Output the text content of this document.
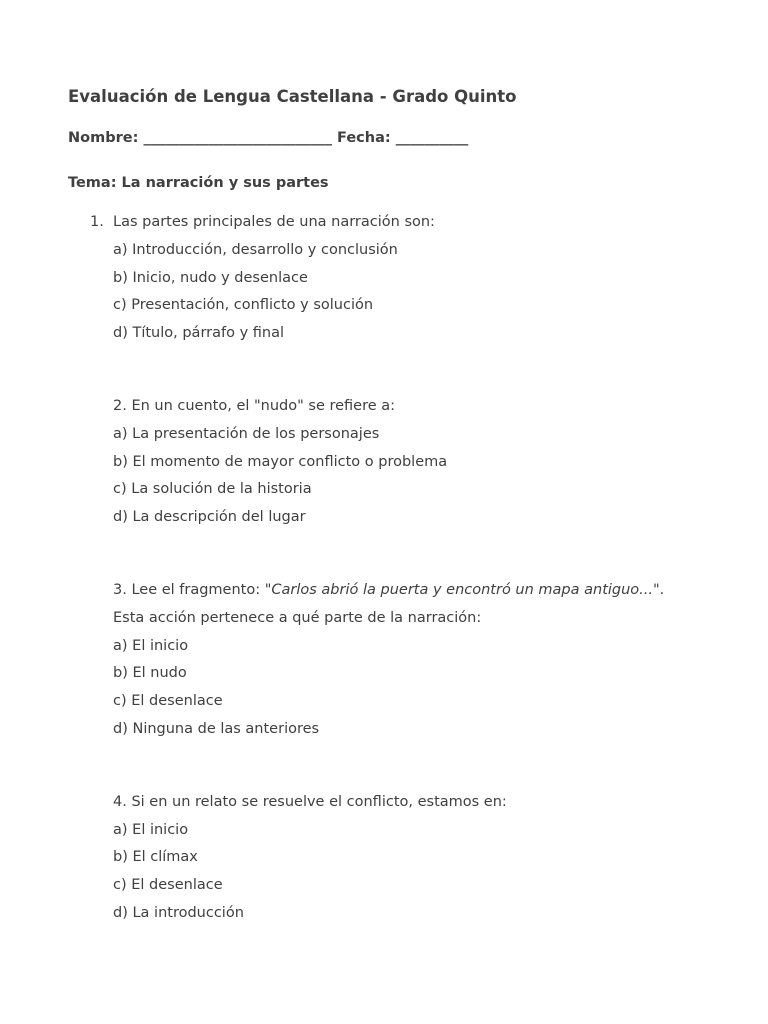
Evaluación de Lengua Castellana - Grado Quinto
Nombre: __________________________ Fecha: __________
Tema: La narración y sus partes
1. Las partes principales de una narración son:
a) Introducción, desarrollo y conclusión
b) Inicio, nudo y desenlace
c) Presentación, conflicto y solución
d) Título, párrafo y final
2. En un cuento, el "nudo" se refiere a:
a) La presentación de los personajes
b) El momento de mayor conflicto o problema
c) La solución de la historia
d) La descripción del lugar
3. Lee el fragmento: "Carlos abrió la puerta y encontró un mapa antiguo...".
Esta acción pertenece a qué parte de la narración:
a) El inicio
b) El nudo
c) El desenlace
d) Ninguna de las anteriores
4. Si en un relato se resuelve el conflicto, estamos en:
a) El inicio
b) El clímax
c) El desenlace
d) La introducción
